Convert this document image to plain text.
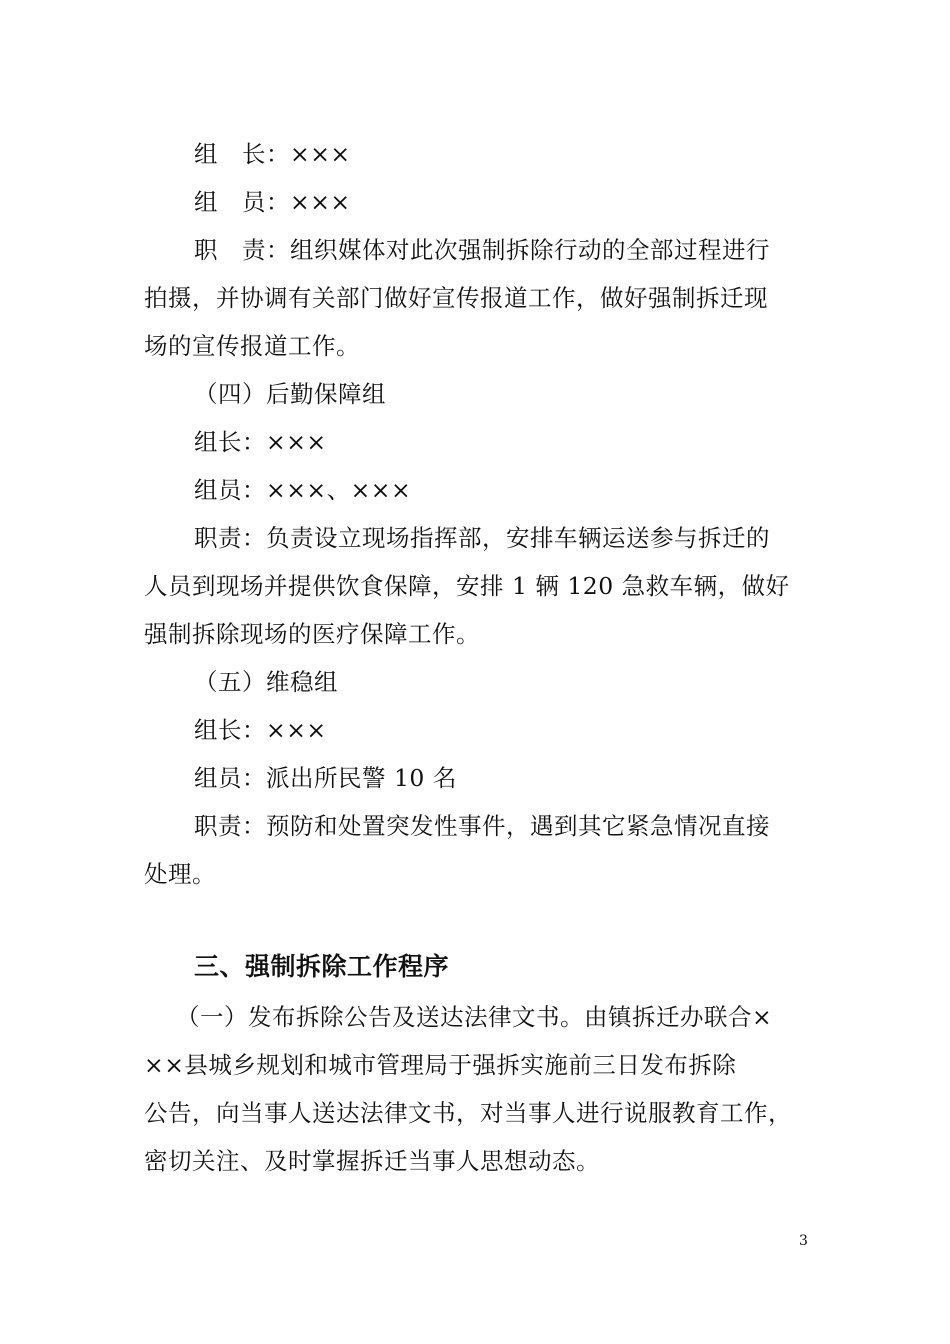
组　长：×××
组　员：×××
职　责：组织媒体对此次强制拆除行动的全部过程进行
拍摄，并协调有关部门做好宣传报道工作，做好强制拆迁现
场的宣传报道工作。
（四）后勤保障组
组长：×××
组员：×××、×××
职责：负责设立现场指挥部，安排车辆运送参与拆迁的
人员到现场并提供饮食保障，安排 1 辆 120 急救车辆，做好
强制拆除现场的医疗保障工作。
（五）维稳组
组长：×××
组员：派出所民警 10 名
职责：预防和处置突发性事件，遇到其它紧急情况直接
处理。
三、强制拆除工作程序
（一）发布拆除公告及送达法律文书。由镇拆迁办联合×
××县城乡规划和城市管理局于强拆实施前三日发布拆除
公告，向当事人送达法律文书，对当事人进行说服教育工作，
密切关注、及时掌握拆迁当事人思想动态。
3
